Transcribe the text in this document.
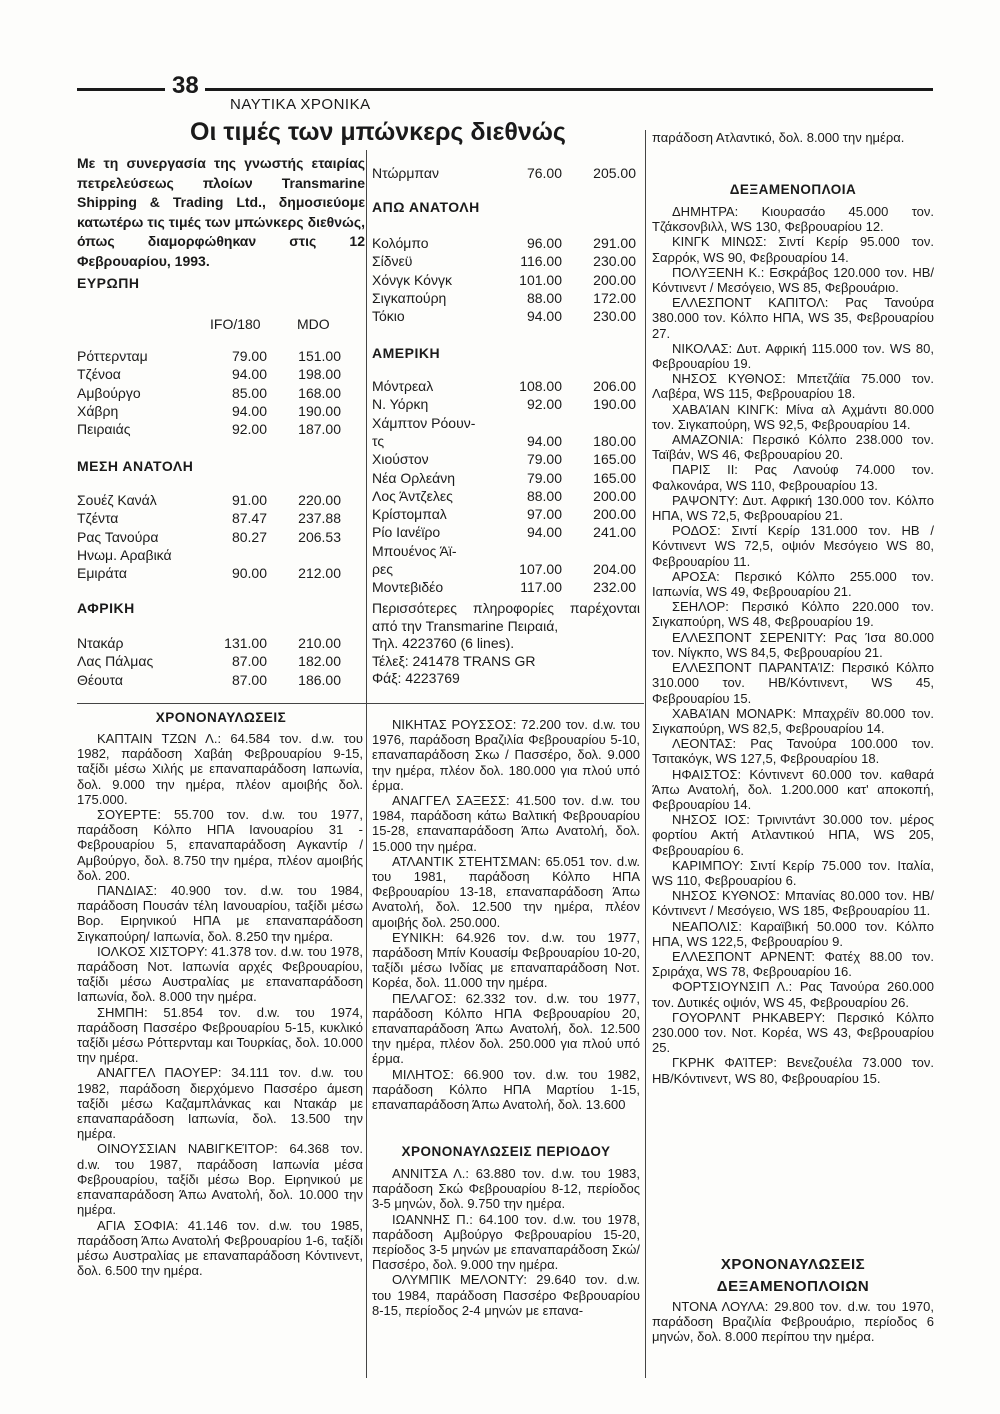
38
ΝΑΥΤΙΚΑ ΧΡΟΝΙΚΑ
Οι τιμές των μπώνκερς διεθνώς
Με τη συνεργασία της γνωστής εταιρίας πετρελεύσεως πλοίων Transmarine Shipping & Trading Ltd., δημοσιεύομε κατωτέρω τις τιμές των μπώνκερς διεθνώς, όπως διαμορφώθηκαν στις 12 Φεβρουαρίου, 1993.
ΕΥΡΩΠΗ
IFO/180	MDO
Ρόττερνταμ	79.00 151.00
Τζένοα	94.00 198.00
Αμβούργο	85.00 168.00
Χάβρη	94.00 190.00
Πειραιάς	92.00 187.00
ΜΕΣΗ ΑΝΑΤΟΛΗ
Σουέζ Κανάλ	91.00 220.00
Τζέντα	87.47 237.88
Ρας Τανούρα	80.27 206.53
Ηνωμ. Αραβικά
Εμιράτα	90.00 212.00
ΑΦΡΙΚΗ
Ντακάρ	131.00 210.00
Λας Πάλμας	87.00 182.00
Θέουτα	87.00 186.00
Ντώρμπαν	76.00 205.00
ΑΠΩ ΑΝΑΤΟΛΗ
Κολόμπο	96.00 291.00
Σίδνεϋ	116.00 230.00
Χόνγκ Κόνγκ	101.00 200.00
Σιγκαπούρη	88.00 172.00
Τόκιο	94.00 230.00
ΑΜΕΡΙΚΗ
Μόντρεαλ	108.00 206.00
Ν. Υόρκη	92.00 190.00
Χάμπτον Ρόουν-
τς	94.00 180.00
Χιούστον	79.00 165.00
Νέα Ορλεάνη	79.00 165.00
Λος Άντζελες	88.00 200.00
Κρίστομπαλ	97.00 200.00
Ρίο Ιανέϊρο	94.00 241.00
Μπουένος Άϊ-
ρες	107.00 204.00
Μοντεβιδέο	117.00 232.00
Περισσότερες πληροφορίες παρέχονται από την Transmarine Πειραιά,
Τηλ. 4223760 (6 lines).
Τέλεξ: 241478 TRANS GR
Φάξ: 4223769
ΧΡΟΝΟΝΑΥΛΩΣΕΙΣ

ΚΑΠΤΑΙΝ ΤΖΩΝ Λ.: 64.584 τον. d.w. του 1982, παράδοση Χαβάη Φεβρουαρίου 9-15, ταξίδι μέσω Χιλής με επαναπαράδοση Ιαπωνία, δολ. 9.000 την ημέρα, πλέον αμοιβής δολ. 175.000.

ΣΟΥΕΡΤΕ: 55.700 τον. d.w. του 1977, παράδοση Κόλπο ΗΠΑ Ιανουαρίου 31 - Φεβρουαρίου 5, επαναπαράδοση Αγκαντίρ / Αμβούργο, δολ. 8.750 την ημέρα, πλέον αμοιβής δολ. 200.

ΠΑΝΔΙΑΣ: 40.900 τον. d.w. του 1984, παράδοση Πουσάν τέλη Ιανουαρίου, ταξίδι μέσω Βορ. Ειρηνικού ΗΠΑ με επαναπαράδοση Σιγκαπούρη/ Ιαπωνία, δολ. 8.250 την ημέρα.

ΙΟΛΚΟΣ ΧΙΣΤΟΡΥ: 41.378 τον. d.w. του 1978, παράδοση Νοτ. Ιαπωνία αρχές Φεβρουαρίου, ταξίδι μέσω Αυστραλίας με επαναπαράδοση Ιαπωνία, δολ. 8.000 την ημέρα.

ΣΗΜΠΗ: 51.854 τον. d.w. του 1974, παράδοση Πασσέρο Φεβρουαρίου 5-15, κυκλικό ταξίδι μέσω Ρόττερνταμ και Τουρκίας, δολ. 10.000 την ημέρα.

ΑΝΑΓΓΕΛ ΠΑΟΥΕΡ: 34.111 τον. d.w. του 1982, παράδοση διερχόμενο Πασσέρο άμεση ταξίδι μέσω Καζαμπλάνκας και Ντακάρ με επαναπαράδοση Ιαπωνία, δολ. 13.500 την ημέρα.

ΟΙΝΟΥΣΣΙΑΝ ΝΑΒΙΓΚΕΊΤΟΡ: 64.368 τον. d.w. του 1987, παράδοση Ιαπωνία μέσα Φεβρουαρίου, ταξίδι μέσω Βορ. Ειρηνικού με επαναπαράδοση Άπω Ανατολή, δολ. 10.000 την ημέρα.

ΑΓΙΑ ΣΟΦΙΑ: 41.146 τον. d.w. του 1985, παράδοση Άπω Ανατολή Φεβρουαρίου 1-6, ταξίδι μέσω Αυστραλίας με επαναπαράδοση Κόντινεντ, δολ. 6.500 την ημέρα.

ΝΙΚΗΤΑΣ ΡΟΥΣΣΟΣ: 72.200 τον. d.w. του 1976, παράδοση Βραζιλία Φεβρουαρίου 5-10, επαναπαράδοση Σκω / Πασσέρο, δολ. 9.000 την ημέρα, πλέον δολ. 180.000 για πλού υπό έρμα.

ΑΝΑΓΓΕΛ ΣΑΞΕΣΣ: 41.500 τον. d.w. του 1984, παράδοση κάτω Βαλτική Φεβρουαρίου 15-28, επαναπαράδοση Άπω Ανατολή, δολ. 15.000 την ημέρα.

ΑΤΛΑΝΤΙΚ ΣΤΕΗΤΣΜΑΝ: 65.051 τον. d.w. του 1981, παράδοση Κόλπο ΗΠΑ Φεβρουαρίου 13-18, επαναπαράδοση Άπω Ανατολή, δολ. 12.500 την ημέρα, πλέον αμοιβής δολ. 250.000.

ΕΥΝΙΚΗ: 64.926 τον. d.w. του 1977, παράδοση Μπίν Κουασίμ Φεβρουαρίου 10-20, ταξίδι μέσω Ινδίας με επαναπαράδοση Νοτ. Κορέα, δολ. 11.000 την ημέρα.

ΠΕΛΑΓΟΣ: 62.332 τον. d.w. του 1977, παράδοση Κόλπο ΗΠΑ Φεβρουαρίου 20, επαναπαράδοση Άπω Ανατολή, δολ. 12.500 την ημέρα, πλέον δολ. 250.000 για πλού υπό έρμα.

ΜΙΛΗΤΟΣ: 66.900 τον. d.w. του 1982, παράδοση Κόλπο ΗΠΑ Μαρτίου 1-15, επαναπαράδοση Άπω Ανατολή, δολ. 13.600

ΧΡΟΝΟΝΑΥΛΩΣΕΙΣ ΠΕΡΙΟΔΟΥ

ΑΝΝΙΤΣΑ Λ.: 63.880 τον. d.w. του 1983, παράδοση Σκώ Φεβρουαρίου 8-12, περίοδος 3-5 μηνών, δολ. 9.750 την ημέρα.

ΙΩΑΝΝΗΣ Π.: 64.100 τον. d.w. του 1978, παράδοση Αμβούργο Φεβρουαρίου 15-20, περίοδος 3-5 μηνών με επαναπαράδοση Σκώ/ Πασσέρο, δολ. 9.000 την ημέρα.

ΟΛΥΜΠΙΚ ΜΕΛΟΝΤΥ: 29.640 τον. d.w. του 1984, παράδοση Πασσέρο Φεβρουαρίου 8-15, περίοδος 2-4 μηνών με επανα-

παράδοση Ατλαντικό, δολ. 8.000 την ημέρα.

ΔΕΞΑΜΕΝΟΠΛΟΙΑ

ΔΗΜΗΤΡΑ: Κιουρασάο 45.000 τον. Τζάκσονβιλλ, WS 130, Φεβρουαρίου 12.

ΚΙΝΓΚ ΜΙΝΩΣ: Σιντί Κερίρ 95.000 τον. Σαρρόκ, WS 90, Φεβρουαρίου 14.

ΠΟΛΥΞΕΝΗ Κ.: Εσκράβος 120.000 τον. ΗΒ/ Κόντινεντ / Μεσόγειο, WS 85, Φεβρουάριο.

ΕΛΛΕΣΠΟΝΤ ΚΑΠΙΤΟΛ: Ρας Τανούρα 380.000 τον. Κόλπο ΗΠΑ, WS 35, Φεβρουαρίου 27.

ΝΙΚΟΛΑΣ: Δυτ. Αφρική 115.000 τον. WS 80, Φεβρουαρίου 19.

ΝΗΣΟΣ ΚΥΘΝΟΣ: Μπετζάϊα 75.000 τον. Λαβέρα, WS 115, Φεβρουαρίου 18.

ΧΑΒΑΊΑΝ ΚΙΝΓΚ: Μίνα αλ Αχμάντι 80.000 τον. Σιγκαπούρη, WS 92,5, Φεβρουαρίου 14.

ΑΜΑΖΟΝΙΑ: Περσικό Κόλπο 238.000 τον. Ταϊβάν, WS 46, Φεβρουαρίου 20.

ΠΑΡΙΣ ΙΙ: Ρας Λανούφ 74.000 τον. Φαλκονάρα, WS 110, Φεβρουαρίου 13.

ΡΑΨΟΝΤΥ: Δυτ. Αφρική 130.000 τον. Κόλπο ΗΠΑ, WS 72,5, Φεβρουαρίου 21.

ΡΟΔΟΣ: Σιντί Κερίρ 131.000 τον. ΗΒ /Κόντινεντ WS 72,5, οψιόν Μεσόγειο WS 80, Φεβρουαρίου 11.

ΑΡΟΣΑ: Περσικό Κόλπο 255.000 τον. Ιαπωνία, WS 49, Φεβρουαρίου 21.

ΣΕΗΛΟΡ: Περσικό Κόλπο 220.000 τον. Σιγκαπούρη, WS 48, Φεβρουαρίου 19.

ΕΛΛΕΣΠΟΝΤ ΣΕΡΕΝΙΤΥ: Ρας Ίσα 80.000 τον. Νίγκπο, WS 84,5, Φεβρουαρίου 21.

ΕΛΛΕΣΠΟΝΤ ΠΑΡΑΝΤΑΊΖ: Περσικό Κόλπο 310.000 τον. ΗΒ/Κόντινεντ, WS 45, Φεβρουαρίου 15.

ΧΑΒΑΊΑΝ ΜΟΝΑΡΚ: Μπαχρέϊν 80.000 τον. Σιγκαπούρη, WS 82,5, Φεβρουαρίου 14.

ΛΕΟΝΤΑΣ: Ρας Τανούρα 100.000 τον. Τσιτακόγκ, WS 127,5, Φεβρουαρίου 18.

ΗΦΑΙΣΤΟΣ: Κόντινεντ 60.000 τον. καθαρά Άπω Ανατολή, δολ. 1.200.000 κατ' αποκοπή, Φεβρουαρίου 14.

ΝΗΣΟΣ ΙΟΣ: Τρινιντάντ 30.000 τον. μέρος φορτίου Ακτή Ατλαντικού ΗΠΑ, WS 205, Φεβρουαρίου 6.

ΚΑΡΙΜΠΟΥ: Σιντί Κερίρ 75.000 τον. Ιταλία, WS 110, Φεβρουαρίου 6.

ΝΗΣΟΣ ΚΥΘΝΟΣ: Μπανίας 80.000 τον. ΗΒ/ Κόντινεντ / Μεσόγειο, WS 185, Φεβρουαρίου 11.

ΝΕΑΠΟΛΙΣ: Καραϊβική 50.000 τον. Κόλπο ΗΠΑ, WS 122,5, Φεβρουαρίου 9.

ΕΛΛΕΣΠΟΝΤ ΑΡΝΕΝΤ: Φατέχ 88.00 τον. Σριράχα, WS 78, Φεβρουαρίου 16.

ΦΟΡΤΣΙΟΥΝΣΙΠ Λ.: Ρας Τανούρα 260.000 τον. Δυτικές οψιόν, WS 45, Φεβρουαρίου 26.

ΓΟΥΟΡΛΝΤ ΡΗΚΑΒΕΡΥ: Περσικό Κόλπο 230.000 τον. Νοτ. Κορέα, WS 43, Φεβρουαρίου 25.

ΓΚΡΗΚ ΦΑΊΤΕΡ: Βενεζουέλα 73.000 τον. ΗΒ/Κόντινεντ, WS 80, Φεβρουαρίου 15.

ΧΡΟΝΟΝΑΥΛΩΣΕΙΣ ΔΕΞΑΜΕΝΟΠΛΟΙΩΝ

ΝΤΟΝΑ ΛΟΥΛΑ: 29.800 τον. d.w. του 1970, παράδοση Βραζιλία Φεβρουάριο, περίοδος 6 μηνών, δολ. 8.000 περίπου την ημέρα.
